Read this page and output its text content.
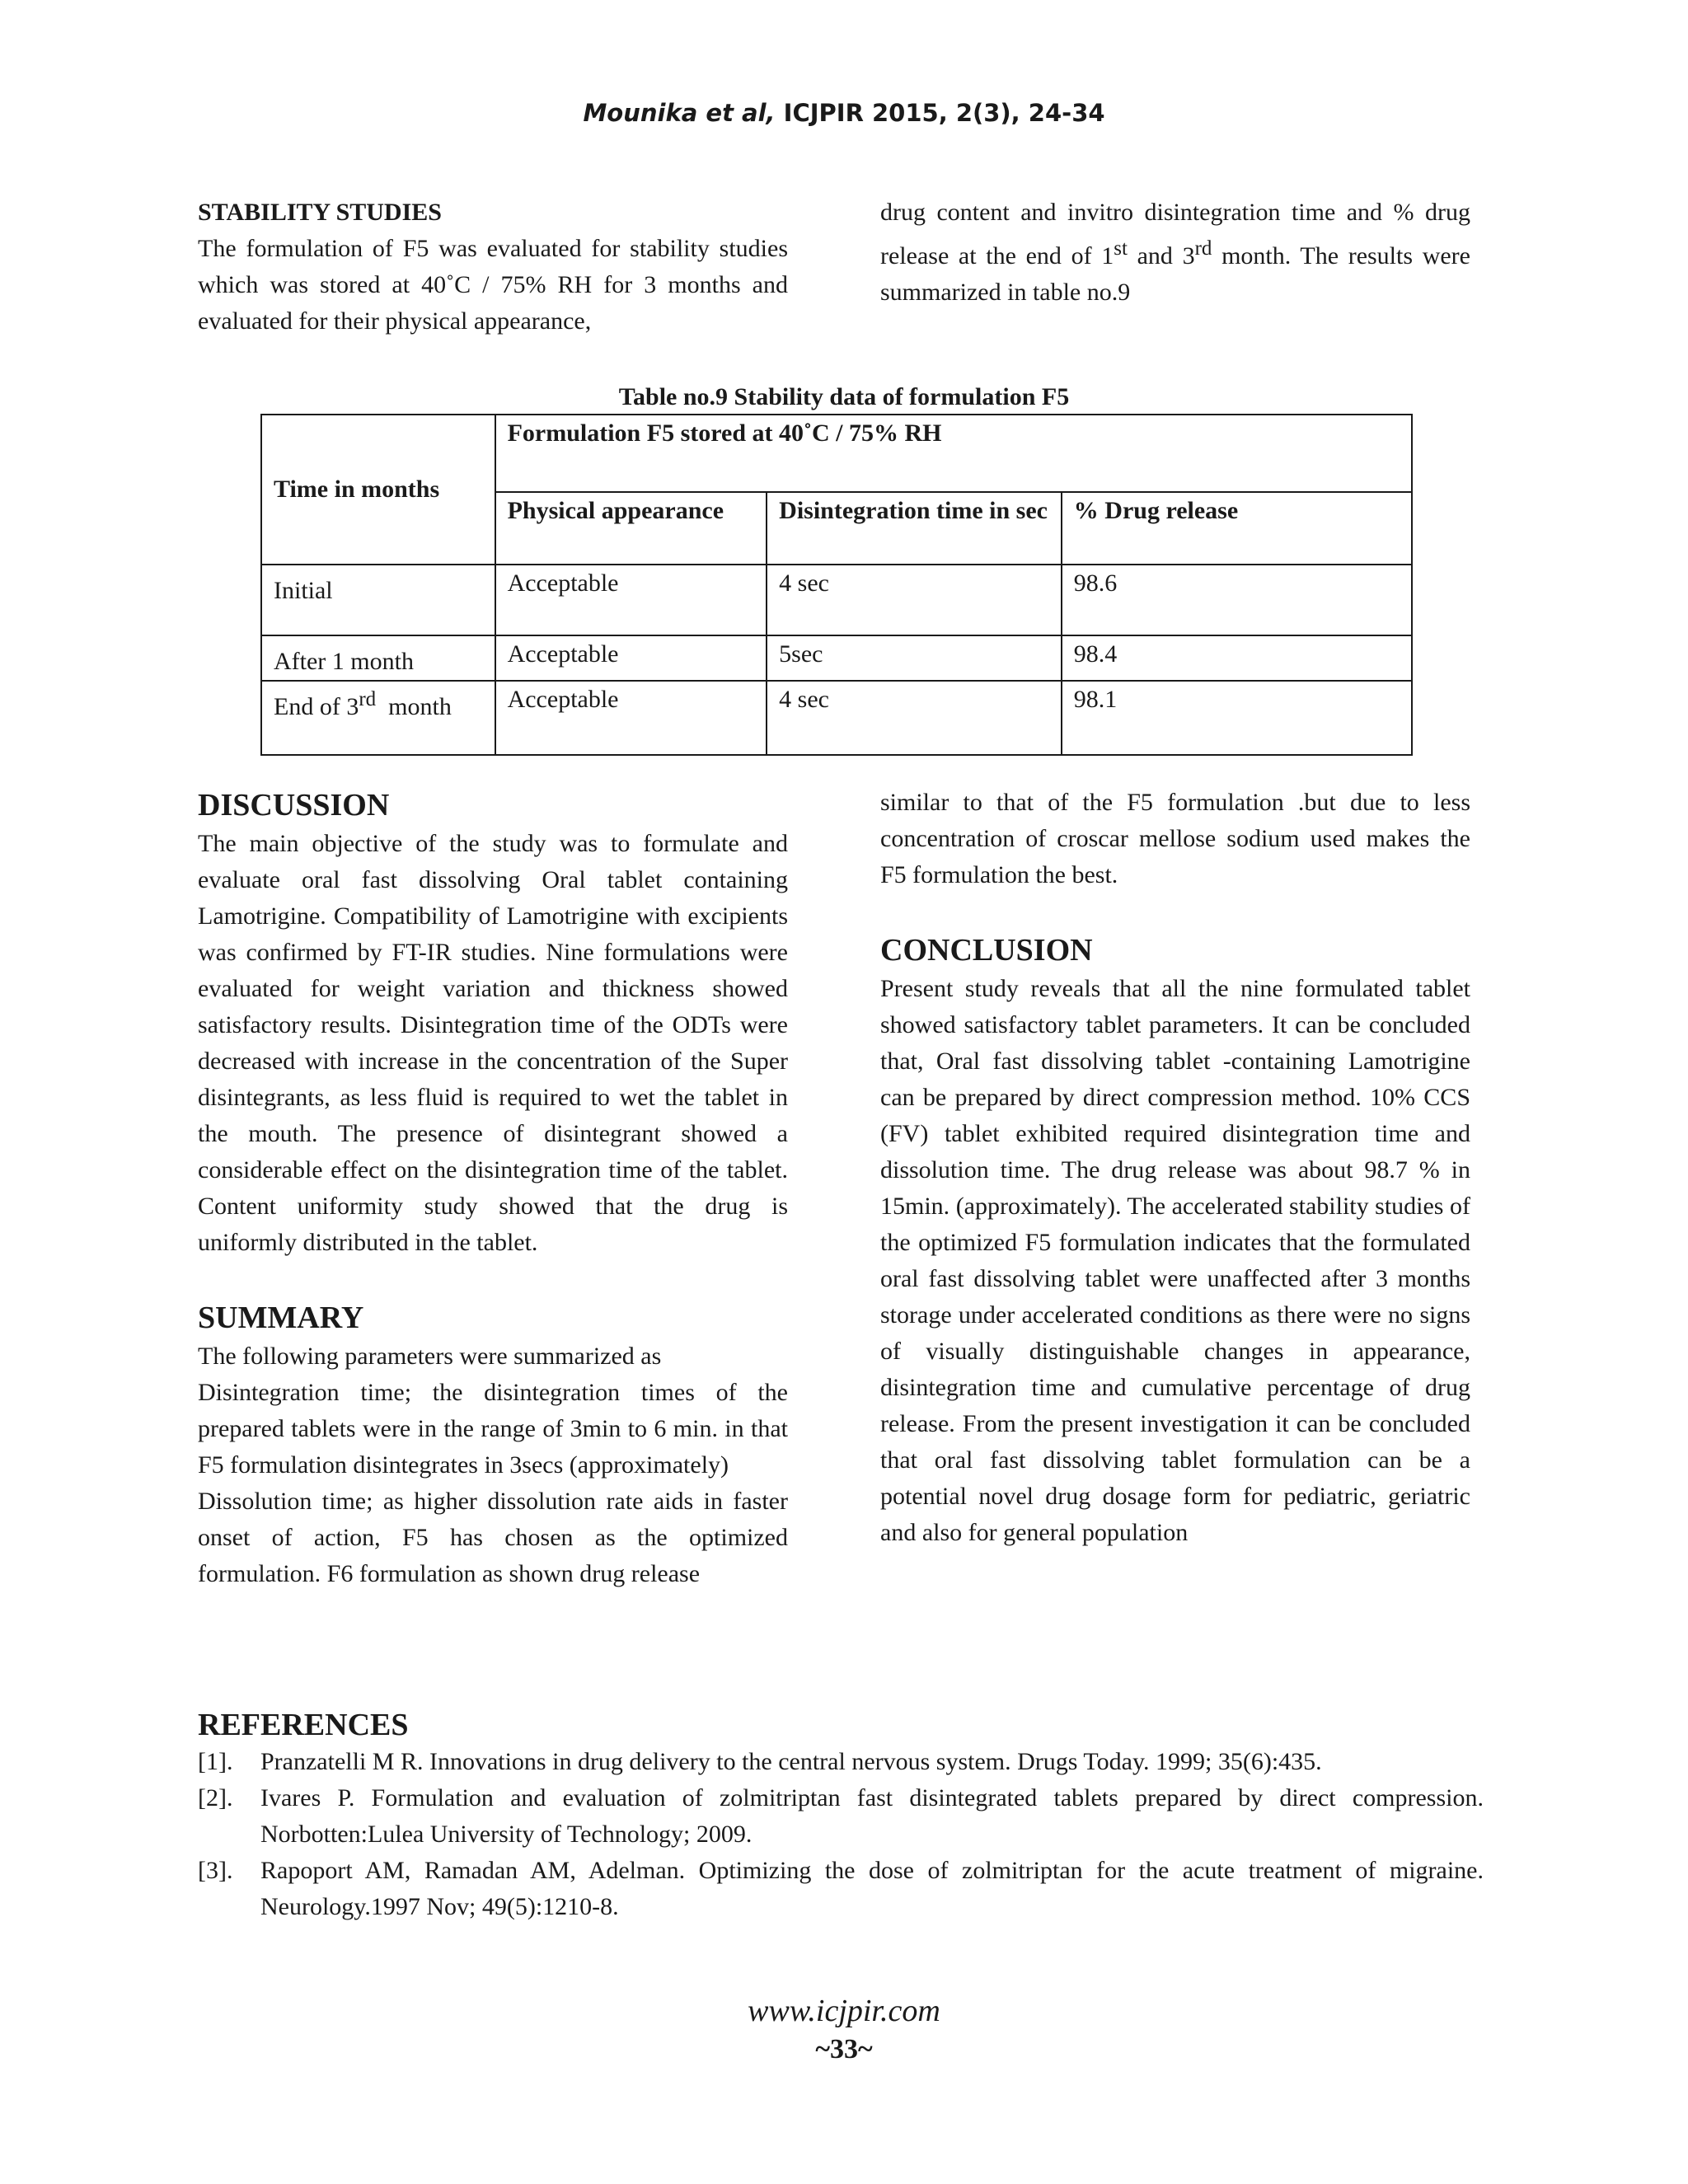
Mounika et al, ICJPIR 2015, 2(3), 24-34

STABILITY STUDIES

The formulation of F5 was evaluated for stability studies which was stored at 40˚C / 75% RH for 3 months and evaluated for their physical appearance,

drug content and invitro disintegration time and % drug release at the end of 1st and 3rd month. The results were summarized in table no.9

Table no.9 Stability data of formulation F5
Time in months	Formulation F5 stored at 40˚C / 75% RH		
	Physical appearance	Disintegration time in sec	% Drug release
Initial	Acceptable	4 sec	98.6
After 1 month	Acceptable	5sec	98.4
End of 3rd  month	Acceptable	4 sec	98.1

DISCUSSION

The main objective of the study was to formulate and evaluate oral fast dissolving Oral tablet containing Lamotrigine. Compatibility of Lamotrigine with excipients was confirmed by FT-IR studies. Nine formulations were evaluated for weight variation and thickness showed satisfactory results. Disintegration time of the ODTs were decreased with increase in the concentration of the Super disintegrants, as less fluid is required to wet the tablet in the mouth. The presence of disintegrant showed a considerable effect on the disintegration time of the tablet. Content uniformity study showed that the drug is uniformly distributed in the tablet.

SUMMARY

The following parameters were summarized as

Disintegration time; the disintegration times of the prepared tablets were in the range of 3min to 6 min. in that F5 formulation disintegrates in 3secs (approximately)

Dissolution time; as higher dissolution rate aids in faster onset of action, F5 has chosen as the optimized formulation. F6 formulation as shown drug release

similar to that of the F5 formulation .but due to less concentration of croscar mellose sodium used makes the F5 formulation the best.

CONCLUSION

Present study reveals that all the nine formulated tablet showed satisfactory tablet parameters. It can be concluded that, Oral fast dissolving tablet -containing Lamotrigine can be prepared by direct compression method. 10% CCS (FV) tablet exhibited required disintegration time and dissolution time. The drug release was about 98.7 % in 15min. (approximately). The accelerated stability studies of the optimized F5 formulation indicates that the formulated oral fast dissolving tablet were unaffected after 3 months storage under accelerated conditions as there were no signs of visually distinguishable changes in appearance, disintegration time and cumulative percentage of drug release. From the present investigation it can be concluded that oral fast dissolving tablet formulation can be a potential novel drug dosage form for pediatric, geriatric and also for general population

REFERENCES

[1].	Pranzatelli M R. Innovations in drug delivery to the central nervous system. Drugs Today. 1999; 35(6):435.
[2].	Ivares P. Formulation and evaluation of zolmitriptan fast disintegrated tablets prepared by direct compression. Norbotten:Lulea University of Technology; 2009.
[3].	Rapoport AM, Ramadan AM, Adelman. Optimizing the dose of zolmitriptan for the acute treatment of migraine. Neurology.1997 Nov; 49(5):1210-8.
www.icjpir.com
~33~
